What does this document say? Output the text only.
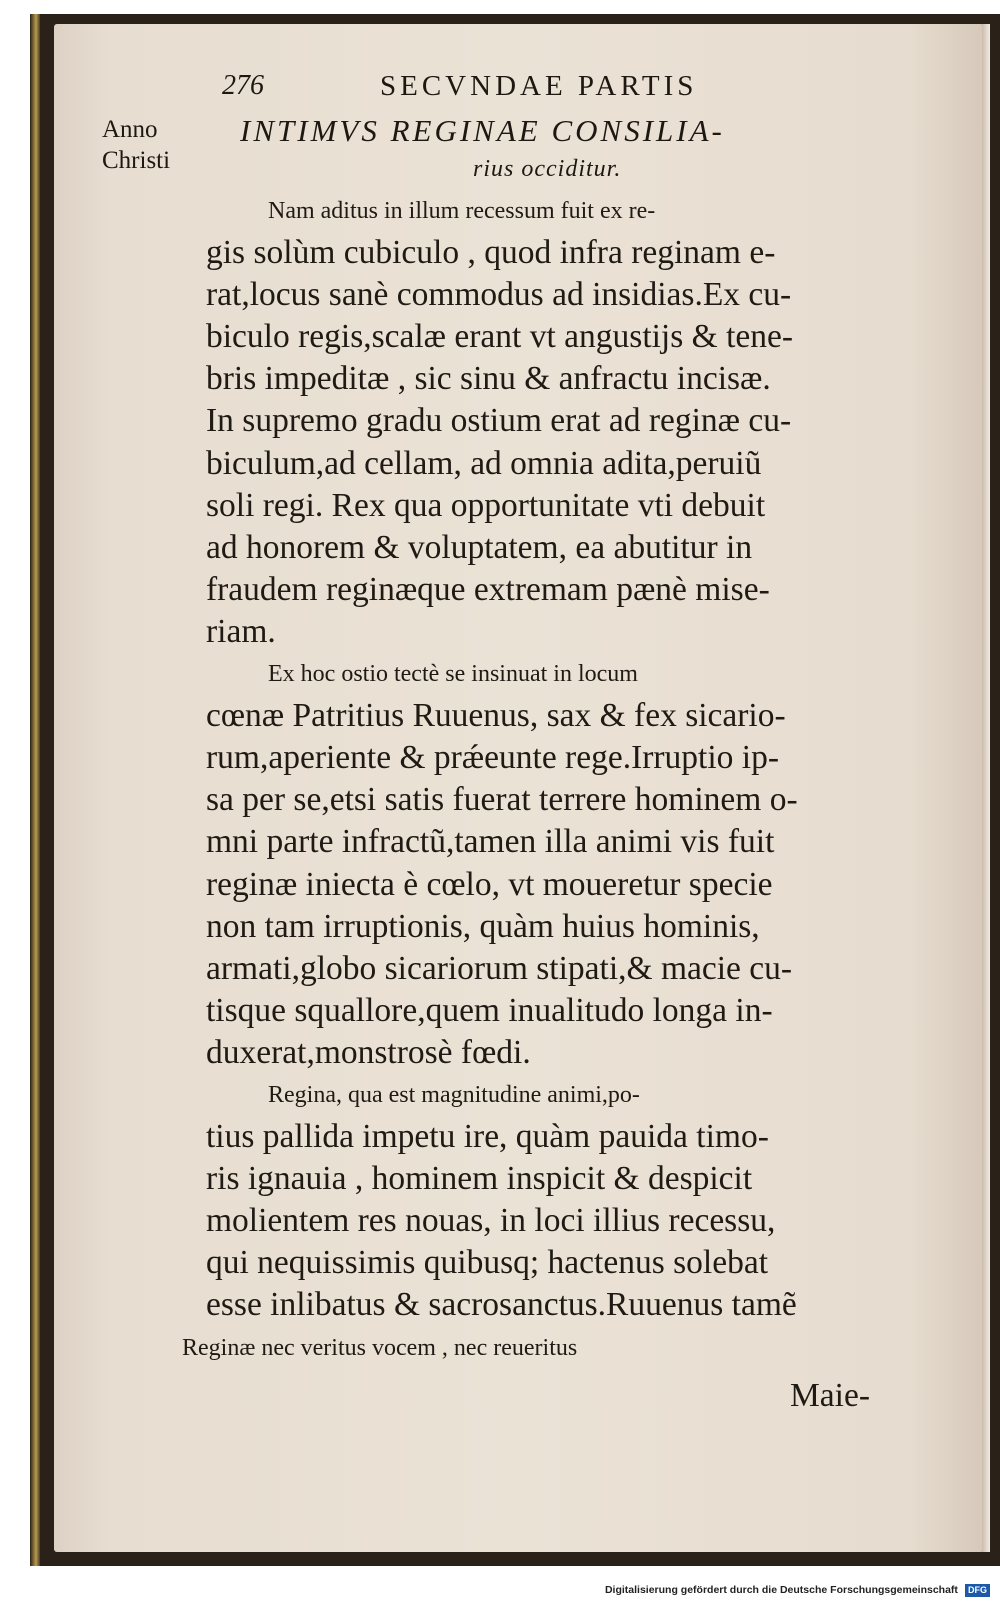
276	SECVNDAE PARTIS
Anno
Christi
INTIMVS REGINAE CONSILIA-
rius occiditur.
Nam aditus in illum recessum fuit ex re-
gis solùm cubiculo , quod infra reginam e-
rat,locus sanè commodus ad insidias.Ex cu-
biculo regis,scalæ erant vt angustijs & tene-
bris impeditæ , sic sinu & anfractu incisæ.
In supremo gradu ostium erat ad reginæ cu-
biculum,ad cellam, ad omnia adita,peruiũ
soli regi. Rex qua opportunitate vti debuit
ad honorem & voluptatem, ea abutitur in
fraudem reginæque extremam pænè mise-
riam.
Ex hoc ostio tectè se insinuat in locum
cœnæ Patritius Ruuenus, sax & fex sicario-
rum,aperiente & prǽeunte rege.Irruptio ip-
sa per se,etsi satis fuerat terrere hominem o-
mni parte infractũ,tamen illa animi vis fuit
reginæ iniecta è cœlo, vt moueretur specie
non tam irruptionis, quàm huius hominis,
armati,globo sicariorum stipati,& macie cu-
tisque squallore,quem inualitudo longa in-
duxerat,monstrosè fœdi.
Regina, qua est magnitudine animi,po-
tius pallida impetu ire, quàm pauida timo-
ris ignauia , hominem inspicit & despicit
molientem res nouas, in loci illius recessu,
qui nequissimis quibusq; hactenus solebat
esse inlibatus & sacrosanctus.Ruuenus tamẽ
Reginæ nec veritus vocem , nec reueritus
Maie-
Digitalisierung gefördert durch die Deutsche Forschungsgemeinschaft DFG
